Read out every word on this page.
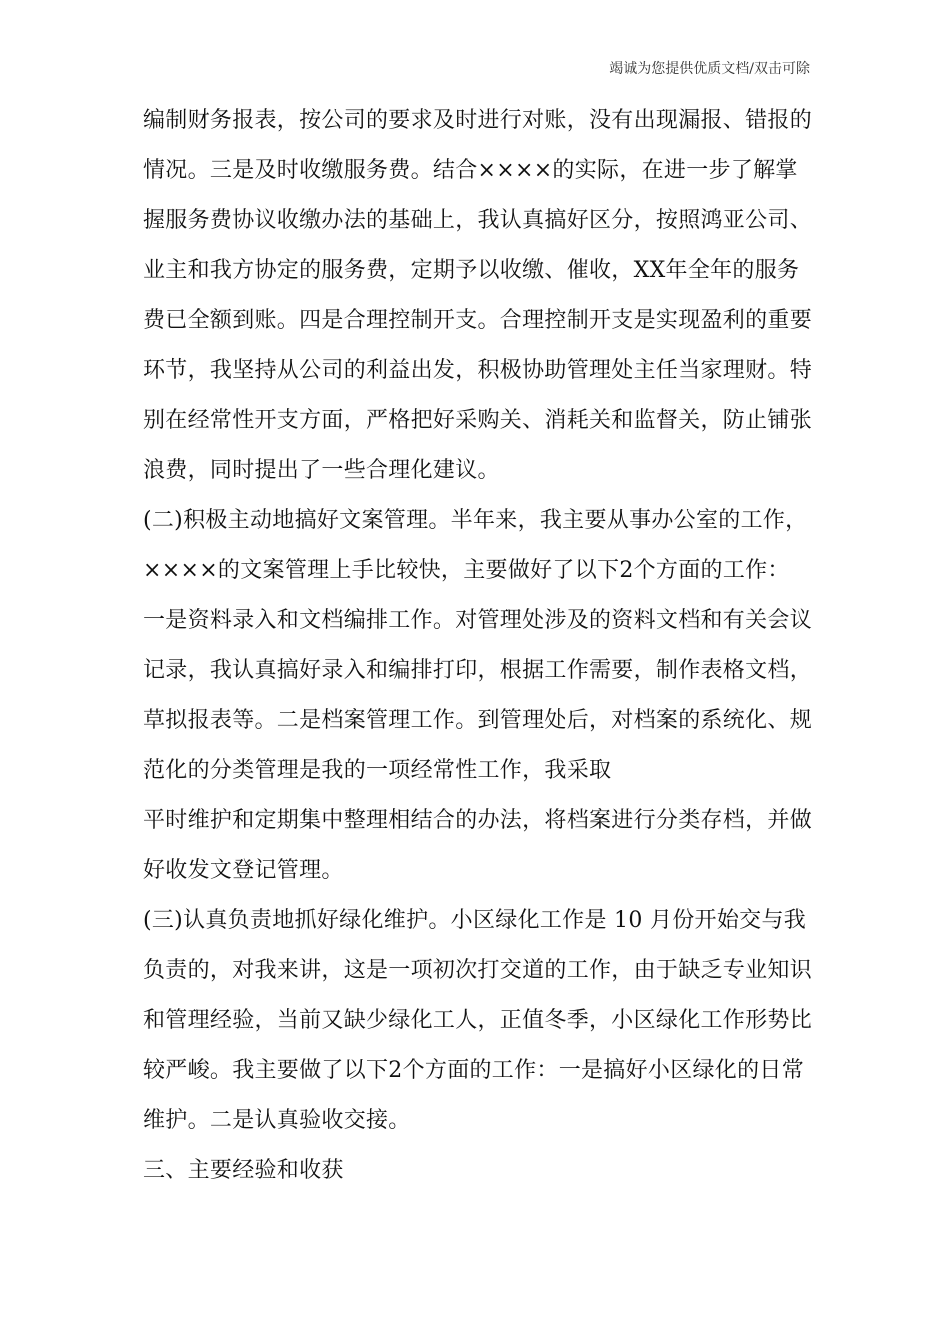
竭诚为您提供优质文档/双击可除
编制财务报表，按公司的要求及时进行对账，没有出现漏报、错报的
情况。三是及时收缴服务费。结合××××的实际，在进一步了解掌
握服务费协议收缴办法的基础上，我认真搞好区分，按照鸿亚公司、
业主和我方协定的服务费，定期予以收缴、催收，XX年全年的服务
费已全额到账。四是合理控制开支。合理控制开支是实现盈利的重要
环节，我坚持从公司的利益出发，积极协助管理处主任当家理财。特
别在经常性开支方面，严格把好采购关、消耗关和监督关，防止铺张
浪费，同时提出了一些合理化建议。
(二)积极主动地搞好文案管理。半年来，我主要从事办公室的工作，
××××的文案管理上手比较快，主要做好了以下2个方面的工作：
一是资料录入和文档编排工作。对管理处涉及的资料文档和有关会议
记录，我认真搞好录入和编排打印，根据工作需要，制作表格文档，
草拟报表等。二是档案管理工作。到管理处后，对档案的系统化、规
范化的分类管理是我的一项经常性工作，我采取
平时维护和定期集中整理相结合的办法，将档案进行分类存档，并做
好收发文登记管理。
(三)认真负责地抓好绿化维护。小区绿化工作是 10 月份开始交与我
负责的，对我来讲，这是一项初次打交道的工作，由于缺乏专业知识
和管理经验，当前又缺少绿化工人，正值冬季，小区绿化工作形势比
较严峻。我主要做了以下2个方面的工作：一是搞好小区绿化的日常
维护。二是认真验收交接。
三、主要经验和收获
